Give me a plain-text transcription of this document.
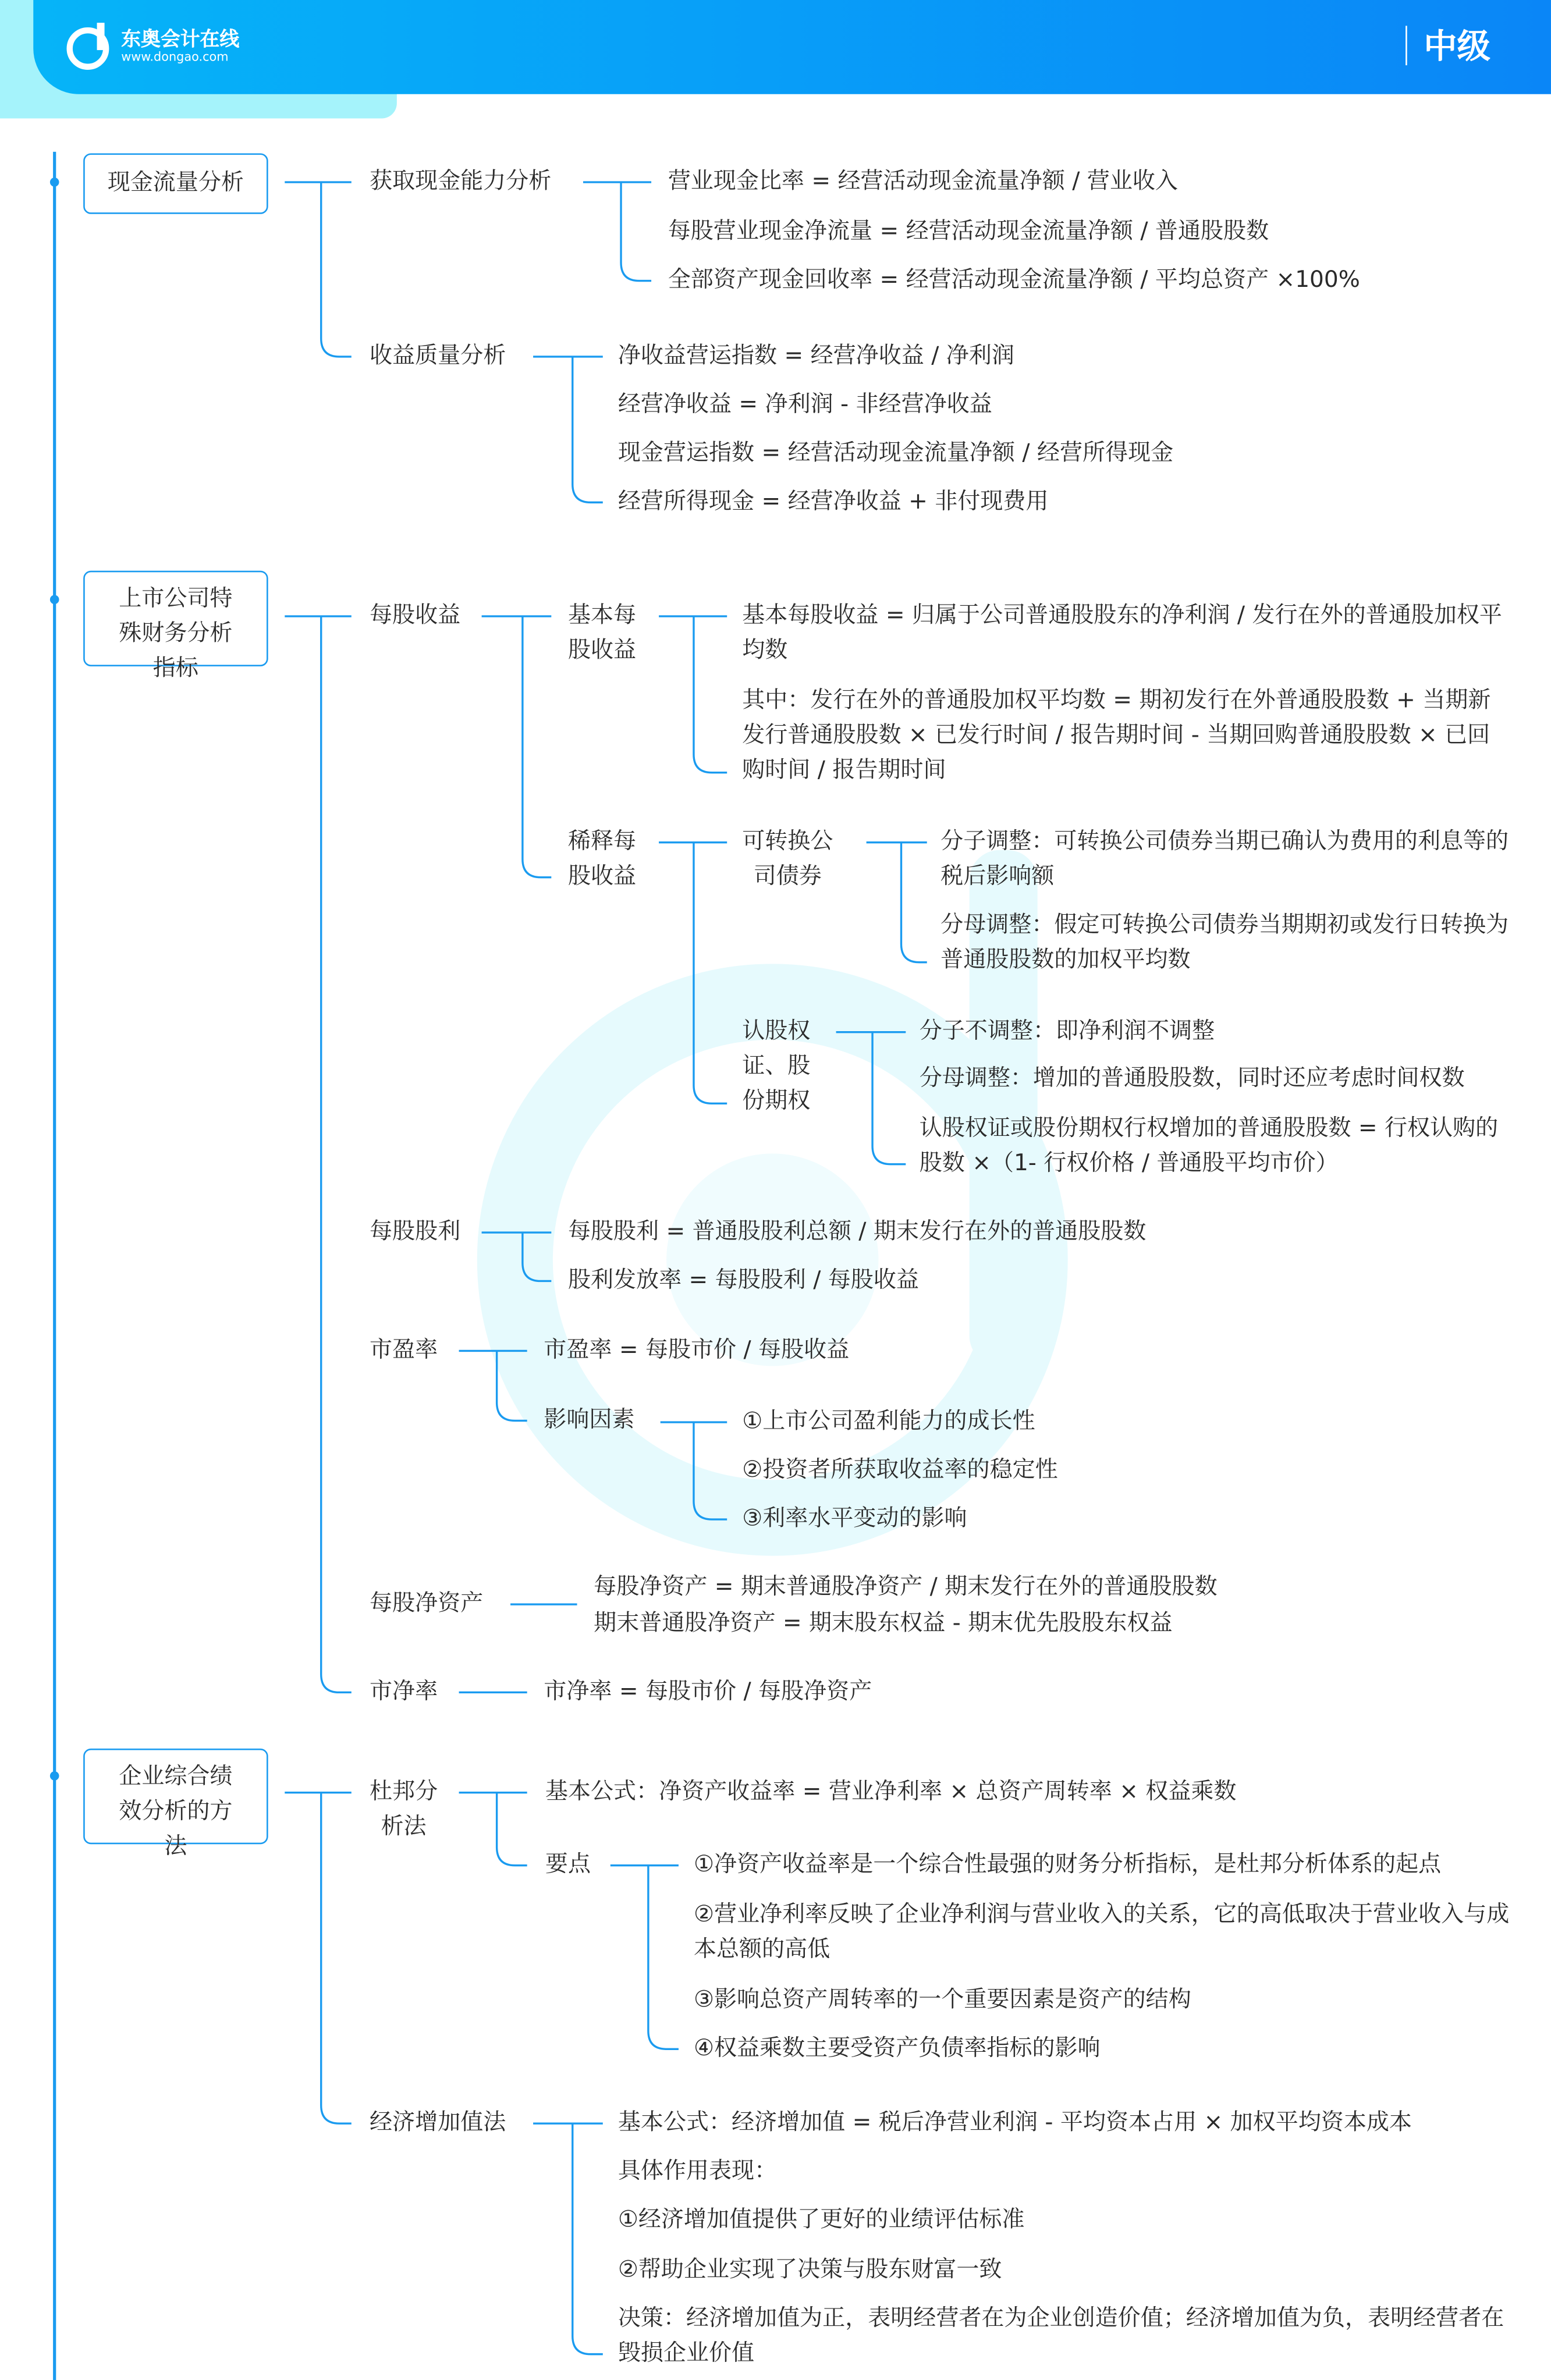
东奥会计在线
www.dongao.com	中级
现金流量分析	获取现金能力分析	营业现金比率 = 经营活动现金流量净额 / 营业收入
每股营业现金净流量 = 经营活动现金流量净额 / 普通股股数
全部资产现金回收率 = 经营活动现金流量净额 / 平均总资产 ×100%
收益质量分析	净收益营运指数 = 经营净收益 / 净利润
经营净收益 = 净利润 - 非经营净收益
现金营运指数 = 经营活动现金流量净额 / 经营所得现金
经营所得现金 = 经营净收益 + 非付现费用
上市公司特殊财务分析指标
每股收益	基本每股收益
基本每股收益 = 归属于公司普通股股东的净利润 / 发行在外的普通股加权平均数
其中：发行在外的普通股加权平均数 = 期初发行在外普通股股数 + 当期新发行普通股股数 × 已发行时间 / 报告期时间 - 当期回购普通股股数 × 已回购时间 / 报告期时间
稀释每股收益
可转换公司债券
分子调整：可转换公司债券当期已确认为费用的利息等的税后影响额
分母调整：假定可转换公司债券当期期初或发行日转换为普通股股数的加权平均数
认股权证、股份期权
分子不调整：即净利润不调整
分母调整：增加的普通股股数，同时还应考虑时间权数
认股权证或股份期权行权增加的普通股股数 = 行权认购的股数 ×（1- 行权价格 / 普通股平均市价）
每股股利	每股股利 = 普通股股利总额 / 期末发行在外的普通股股数
股利发放率 = 每股股利 / 每股收益
市盈率	市盈率 = 每股市价 / 每股收益
影响因素	①上市公司盈利能力的成长性
②投资者所获取收益率的稳定性
③利率水平变动的影响
每股净资产
每股净资产 = 期末普通股净资产 / 期末发行在外的普通股股数
期末普通股净资产 = 期末股东权益 - 期末优先股股东权益
市净率	市净率 = 每股市价 / 每股净资产
企业综合绩效分析的方法
杜邦分析法
基本公式：净资产收益率 = 营业净利率 × 总资产周转率 × 权益乘数
要点	①净资产收益率是一个综合性最强的财务分析指标，是杜邦分析体系的起点
②营业净利率反映了企业净利润与营业收入的关系，它的高低取决于营业收入与成本总额的高低
③影响总资产周转率的一个重要因素是资产的结构
④权益乘数主要受资产负债率指标的影响
经济增加值法	基本公式：经济增加值 = 税后净营业利润 - 平均资本占用 × 加权平均资本成本
具体作用表现：
①经济增加值提供了更好的业绩评估标准
②帮助企业实现了决策与股东财富一致
决策：经济增加值为正，表明经营者在为企业创造价值；经济增加值为负，表明经营者在毁损企业价值
